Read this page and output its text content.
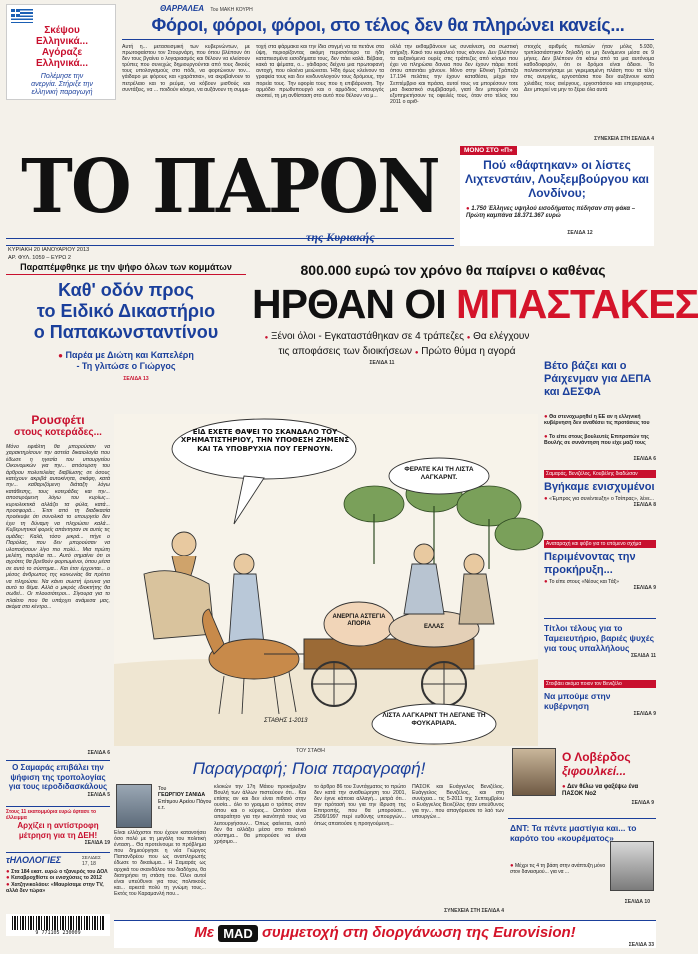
Σκέψου
Ελληνικά...
Αγόραζε
Ελληνικά...
Πολέμησε την
ανεργία. Στήριξε την
ελληνική παραγωγή
ΘΑΡΡΑΛΕΑ Του ΜΑΚΗ ΚΟΥΡΗ
Φόροι, φόροι, φόροι, στο τέλος δεν θα πληρώνει κανείς...
Αυτή η... μετασεισμική των κυβερνώντων, με πρωτοφαίστου τον Στουρνάρη, που όπου βλέπουν ότι δεν τους βγαίνει ο λογαριασμός και θέλουν να κλείσουν τρύπες που συνεχώς δημιουργούνται από τους δικούς τους υπολογισμούς στο πόδι, να φορτώνουν τον... γάιδαρο με φόρους και «χαράτσια», να ακριβαίνουν το πετρέλαιο και το ρεύμα, να κόβουν μισθούς και συντάξεις, να ... ποιδούν κόσμο, να αυξάνουν τη συμμε-
τοχή στα φάρμακα και την ίδια στιγμή να τα πετάνε στα ύψη, περιορίζοντας ακόμη περισσότερο τα ήδη καταπιεσμένα εισοδήματα τους, δεν πάει καλά. Βέβαια, κακά τα ψέματα, ο... γάιδαρος δείχνει μια πρωτοφανή αντοχή, που ολοένα μειώνεται. Ήδη όμως κλείνουν τα γραφεία τους και δεν κινδυνολογούν τους δρόμους, την πορεία τους. Την εφορία τους που η επιβάρυνση. Την αρμόδιο πρωθυπουργό και ο αρμόδιος υπουργός σκοπεί, τη μη ανθίσταση στο αυτό που θέλουν να μ...
ολλά την εκθαμβάνουν ως συναίνεση, σα σωστική στήριξη. Κακό του κεφαλιού τους κάνουν. Δεν βλέπουν τα αυξανόμενα ουρές στις τράπεζες από κόσμο που έχει να πληρώσει δανεια που δεν έχουν πάρει ποτέ όπου απαντάει χάνουν. Μόνο στην Εθνική Τράπεζα 17.194 πελάτες την έχουν καταθέσει, μέχρι τον Σεπτέμβριο και πράσα, αυτοί τους να μπορέσουν τοτε μια δικαστικό συμβιβασμό, γιατί δεν μπορούν να εξυπηρετήσουν τις οφειλές τους, όταν στο τέλος του 2011 ο αριθ-
στοιχός αριθμός πελατών ήταν μόλις 5.930, τριπλασιάστηκαν δηλαδή οι μη δυνάμενοι μέσα σε 9 μήνες. Δεν βλέπουν ότι κάτω από τα μια αυτόνομα καθοδοφορόν, ότι οι δρόμοι είναι άδειοι. Το πολιτικοποιήσαμε με γκρεμισμένη πλάση που τα τέλη στις ανεργίες, εργοστάσια που δεν αυξάνουν κατά χιλιάδες τους ανέργους, εργοστάσιου και επιχειρησεις. Δεν μπορεί να μην το ξέρει όλα αυτά
ΣΥΝΕΧΕΙΑ ΣΤΗ ΣΕΛΙΔΑ 4
ΤΟ ΠΑΡΟΝ
της Κυριακής
ΚΥΡΙΑΚΗ 20 ΙΑΝΟΥΑΡΙΟΥ 2013
ΑΡ. ΦΥΛ. 1059 – ΕΥΡΩ 2
ΜΟΝΟ ΣΤΟ «Π»
Πού «θάφτηκαν» οι λίστες Λιχτενστάιν, Λουξεμβούργου και Λονδίνου;
● 1.750 Έλληνες υψηλού εισοδήματος πέδησαν στη φάκα – Πρώτη καμπάνα 18.371.367 ευρώ
ΣΕΛΙΔΑ 12
Παραπέμφθηκε με την ψήφο όλων των κομμάτων
Καθ' οδόν προς
το Ειδικό Δικαστήριο
ο Παπακωνσταντίνου
● Παρέα με Διώτη και Καπελέρη
- Τη γλιτώσε ο Γιώργος
ΣΕΛΙΔΑ 13
800.000 ευρώ τον χρόνο θα παίρνει ο καθένας
ΗΡΘΑΝ ΟΙ ΜΠΑΣΤΑΚΕΣ
● Ξένοι όλοι - Εγκαταστάθηκαν σε 4 τράπεζες ● Θα ελέγχουν
τις αποφάσεις των διοικήσεων ● Πρώτο θύμα η αγορά
ΣΕΛΙΔΑ 11	Βέτο βάζει και ο Ράιχενμαν για ΔΕΠΑ και ΔΕΣΦΑ
● Θα στενοχωρηθεί η ΕΕ αν η ελληνική κυβέρνηση δεν αναθέσει τις προτάσεις του
● Το είπε στους βουλευτές Επιτροπών της Βουλής σε συνάντηση που είχε μαζί τους
ΣΕΛΙΔΑ 6
Ρουσφέτι
στους κοτεράδες...
Μόνο εφιάλτη θα μπορούσαν να χαρακτηρίσουν την αστεία δικαιολογία που έδωσε η ηγεσία του υπουργείου Οικονομικών για την... απόσυρση του άρθρου πολυτελείας διαβίωσης σε όσους κατέχουν ακριβά αυτοκίνητα, σκάφη, κατά την... καθαριζόμενη διάταξη λόγω κατάθεσης, τους κοτεράδες και την... αποσυρόμενη λόγω του κυρίως... κυριολεκτικά αλλάζει τα φύλα, κατά... προσφορά... Έτσι από τη διαδικασία προέκυψε ότι συνολικά το υπουργείο δεν έχει τη δύναμη να πληρώσει καλά... Κυβερνητικοί φορείς απάντησαν σε αυτές τις ομάδες: Καλά, τόσο μικρά... πήγε ο Παρόλας, που δεν μπορούσαν να υλοποιήσουν λίγο πιο πολύ... Μια πρώτη μελέτη, παρόλα τα... Αυτό σημαίνει ότι οι αγρότες θα βρεθούν φορτωμένοι, όπου μέσα σε αυτό το σύστημα... Και έτσι έρχονται... ο μέσος άνθρωπος της κοινωνίας θα πρέπει να πληρώσει. Να κάνει σωστή έρευνα για αυτό το θέμα. Αλλά ο μικρός ιδιοκτήτης θα σωθεί... Οι πλουσιότεροι... Σίγουρα για το πλαίσιο που θα υπάρχει ανάμεσα μας, ακόμα στο κέντρο...
ΣΕΛΙΔΑ 6
Ο Σαμαράς επιβάλει την ψήφιση της τροπολογίας για τους ιεροδιδασκάλους
ΣΕΛΙΔΑ 5
Στους 11 εκατομμύρια ευρώ έφτασε το έλλειμμα
Αρχίζει η αντίστροφη μέτρηση για τη ΔΕΗ!
ΣΕΛΙΔΑ 19
τΗΛΟΛΟΓΙΕΣ	ΣΕΛΙΔΕΣ
17, 18
● Στα 184 εκατ. ευρώ ο τζανερός του ΔΟΛ
● Καταβροχθίστε οι ενισχύσεις το 2012
● Χατζηνικολάου: «Μαυρίσαμε στην TV, αλλά δεν τώρα»
9 771105 230009
ΕΙΔ ΕΧΕΤΕ ΘΑΨΕΙ ΤΟ ΣΚΑΝΔΑΛΟ ΤΟΥ ΧΡΗΜΑΤΙΣΤΗΡΙΟΥ, ΤΗΝ ΥΠΟΘΕΣΗ ΖΗΜΕΝΣ ΚΑΙ ΤΑ ΥΠΟΒΡΥΧΙΑ ΠΟΥ ΓΕΡΝΟΥΝ.
ΦΕΡΑΤΕ ΚΑΙ ΤΗ ΛΙΣΤΑ ΛΑΓΚΑΡΝΤ.
ΛΙΣΤΑ ΛΑΓΚΑΡΝΤ ΤΗ ΛΕΓΑΝΕ ΤΗ ΦΟΥΚΑΡΙΑΡΑ.
ΑΝΕΡΓΙΑ ΑΣΤΕΓΙΑ ΑΠΟΡΙΑ	ΕΛΛΑΣ
ΣΤΑΘΗΣ 1-2013
ΤΟΥ ΣΤΑΘΗ
Σαμαράς, Βενιζέλος, Κουβέλης διαδώσαν
Βγήκαμε ενισχυμένοι
● «Έμπρος για συνέντευξη» ο Τσίπρας», λένε...
ΣΕΛΙΔΑ 8
Αναταραχή και φόβο για το επόμενο σχήμα
Περιμένοντας την προκήρυξη...
● Το είπε στους «Νέους και Τάξ»
ΣΕΛΙΔΑ 9
Τίτλοι τέλους για το Ταμειευτήριο, βαριές ψυχές για τους υπαλλήλους
ΣΕΛΙΔΑ 11
Στοιβάει ακόμα ποιον τον Βενιζέλο
Να μπούμε στην κυβέρνηση
ΣΕΛΙΔΑ 9
Παραγραφή; Ποια παραγραφή!
Του
ΓΕΩΡΓΙΟΥ ΣΑΝΙΔΑ
Επίτιμου Αρείου Πάγου ε.τ.
Είναι ελλάχιστοι που έχουν κατανοήσει όσο πολύ με τη μεγάλη του πολιτική ένταση... Θα προτείνουμε το πρόβλημα που δημιούργησε η νέα Γιώργος Παπανδρέου που ως αναπληρωτής έδωσε το δικαίωμα... Η Σαμαράς ως αρχικά του σκανδάλου του διαδόχου, θα διατηρήσει τη στάση του. Όλοι αυτοί είναι υπεύθυνοι για τους πολιτικούς και... αρκετά πολύ τη γνώμη τους... Εκτός του Καραμανλή που...
κλοκών την 17η Μάιου προκήρυξαν Βουλή των άλλων πιστεύουν ότι... Και επίσης αν και δεν είναι πιθανό στην ουσία... όλο το γραμμα ο τρόπος στον όπου και ο κύριος... Ωστόσο είναι απαραίτητο για την ικανότητά τους να λειτουργήσουν... Όπως φαίνεται, αυτό δεν θα αλλάξει μέσα στο πολιτικό σύστημα... θα μπορούσε να είναι χρήσιμο...
το άρθρο 86 του Συντάγματος το πρώτο δεν κατά την αναθεώρηση του 2001, δεν έγινε κάποια αλλαγή... μετρά ότι... την πρότασή του για την ίδρυση της Επιτροπής, που θα μπορούσε... 2509/1997 περί ευθύνης υπουργών... όπως απαιτούσε η προηγούμενη...
ΠΑΣΟΚ και Ευάγγελος Βενιζέλος. Ευάγγελος Βενιζέλος, και στη συνέχεια... τις 5-2011 της Σεπτεμβρίου ο Ευάγγελος Βενιζέλος ήταν υπεύθυνος για την... που απαγόρευσε το λαό των υπουργών...
ΣΥΝΕΧΕΙΑ ΣΤΗ ΣΕΛΙΔΑ 4
Ο Λοβέρδος
ξιφουλκεί...
● Δεν θέλω να φαξέψω ένα ΠΑΣΟΚ Νο2
ΣΕΛΙΔΑ 9
ΔΝΤ: Τα πέντε μαστίγια και... το καρότο του «κουρέματος»
● Μέχρι τις 4 τη βάση στην ανάπτυξη μόνο στον δανεισμού... για να ...
ΣΕΛΙΔΑ 10
Με MAD συμμετοχή στη διοργάνωση της Eurovision!
ΣΕΛΙΔΑ 33
